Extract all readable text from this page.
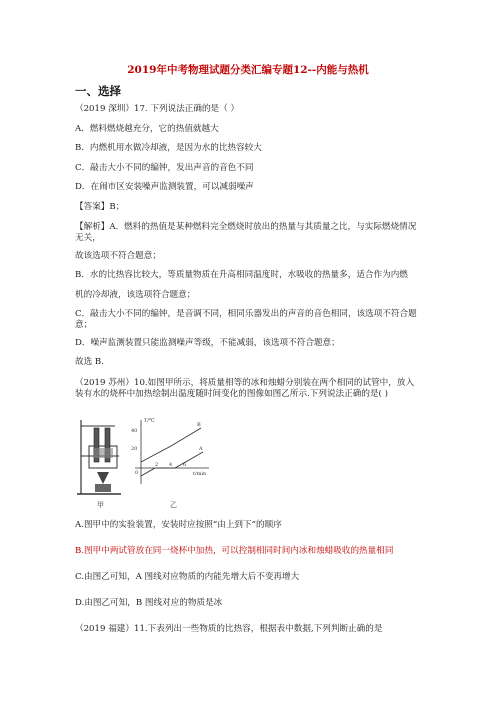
2019年中考物理试题分类汇编专题12--内能与热机
一、选择
（2019 深圳）17. 下列说法正确的是（ ）
A．燃料燃烧越充分，它的热值就越大
B．内燃机用水做冷却液，是因为水的比热容较大
C．敲击大小不同的编钟，发出声音的音色不同
D．在闹市区安装噪声监测装置，可以减弱噪声
【答案】B；
【解析】A．燃料的热值是某种燃料完全燃烧时放出的热量与其质量之比，与实际燃烧情况无关，
故该选项不符合题意；
B．水的比热容比较大，等质量物质在升高相同温度时，水吸收的热量多，适合作为内燃
机的冷却液，该选项符合题意；
C．敲击大小不同的编钟，是音调不同，相同乐器发出的声音的音色相同，该选项不符合题意；
D．噪声监测装置只能监测噪声等级，不能减弱，该选项不符合题意；
故选 B.
（2019 苏州）10.如图甲所示，将质量相等的冰和烛蜡分别装在两个相同的试管中，放入装有水的烧杯中加热绘制出温度随时间变化的图像如图乙所示.下列说法正确的是( )
甲
T/℃
t/min
40
20
0
2 4 6
B
A
乙
A.图甲中的实验装置，安装时应按照“由上到下”的顺序
B.图甲中两试管放在同一烧杯中加热，可以控制相同时间内冰和烛蜡吸收的热量相同
C.由图乙可知，A 图线对应物质的内能先增大后不变再增大
D.由图乙可知，B 图线对应的物质是冰
（2019 福建）11.下表列出一些物质的比热容，根据表中数据,下列判断止确的是
